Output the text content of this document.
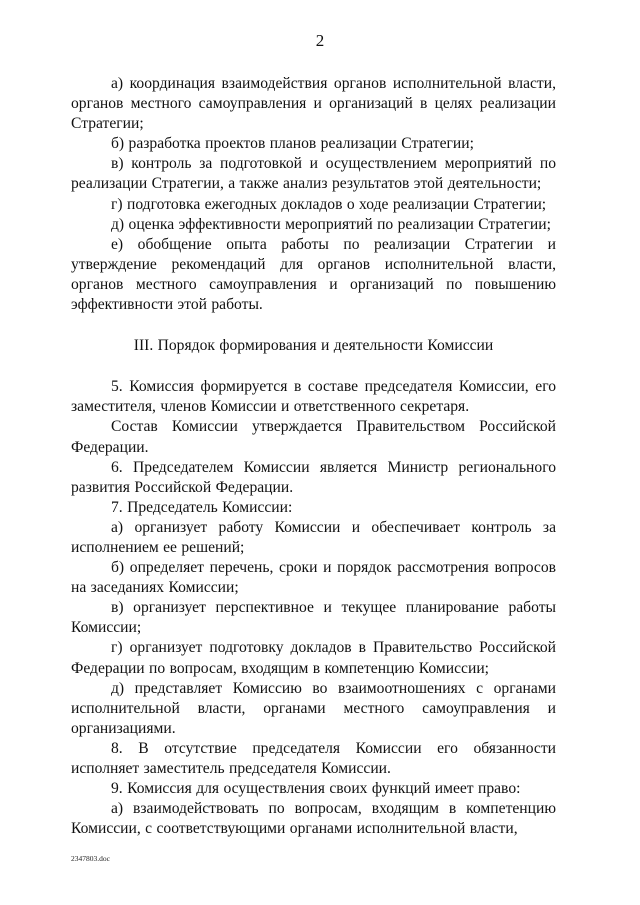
2

а) координация взаимодействия органов исполнительной власти, органов местного самоуправления и организаций в целях реализации Стратегии;

б) разработка проектов планов реализации Стратегии;

в) контроль за подготовкой и осуществлением мероприятий по реализации Стратегии, а также анализ результатов этой деятельности;

г) подготовка ежегодных докладов о ходе реализации Стратегии;

д) оценка эффективности мероприятий по реализации Стратегии;

е) обобщение опыта работы по реализации Стратегии и утверждение рекомендаций для органов исполнительной власти, органов местного самоуправления и организаций по повышению эффективности этой работы.

III. Порядок формирования и деятельности Комиссии

5. Комиссия формируется в составе председателя Комиссии, его заместителя, членов Комиссии и ответственного секретаря.

Состав Комиссии утверждается Правительством Российской Федерации.

6. Председателем Комиссии является Министр регионального развития Российской Федерации.

7. Председатель Комиссии:

а) организует работу Комиссии и обеспечивает контроль за исполнением ее решений;

б) определяет перечень, сроки и порядок рассмотрения вопросов на заседаниях Комиссии;

в) организует перспективное и текущее планирование работы Комиссии;

г) организует подготовку докладов в Правительство Российской Федерации по вопросам, входящим в компетенцию Комиссии;

д) представляет Комиссию во взаимоотношениях с органами исполнительной власти, органами местного самоуправления и организациями.

8. В отсутствие председателя Комиссии его обязанности исполняет заместитель председателя Комиссии.

9. Комиссия для осуществления своих функций имеет право:

а) взаимодействовать по вопросам, входящим в компетенцию Комиссии, с соответствующими органами исполнительной власти,

2347803.doc
